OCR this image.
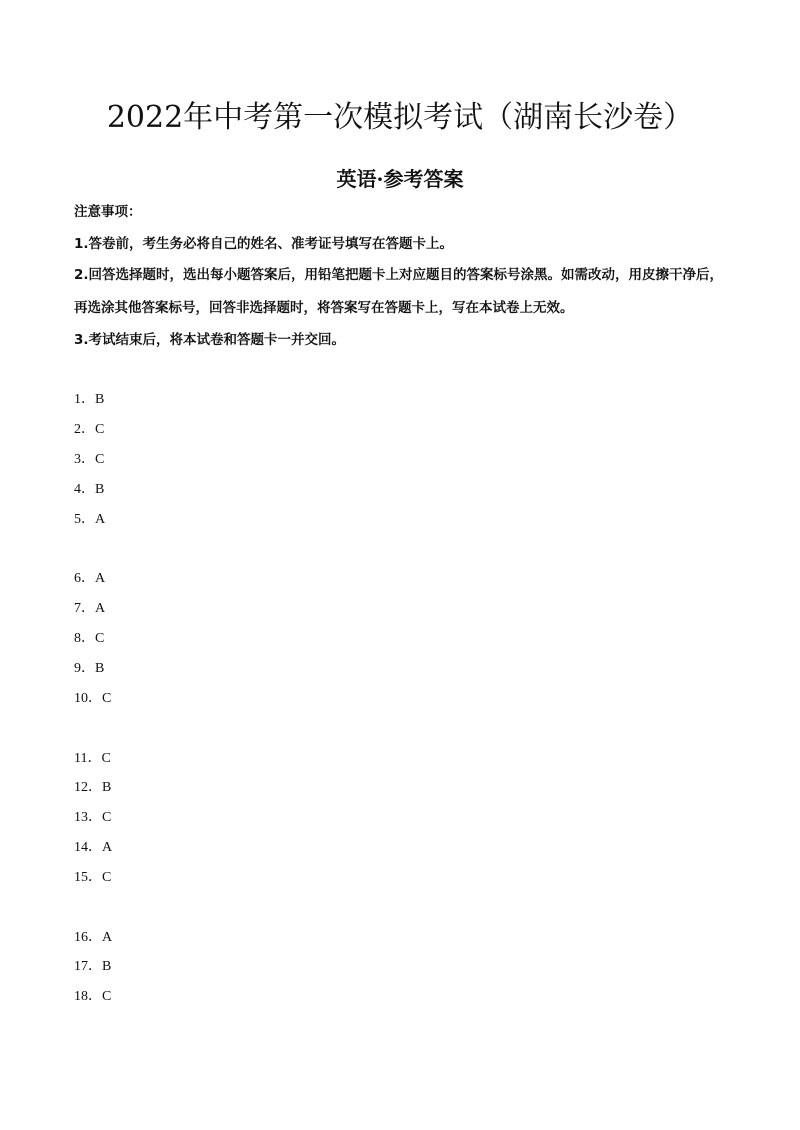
2022年中考第一次模拟考试（湖南长沙卷）
英语·参考答案
注意事项：
1.答卷前，考生务必将自己的姓名、准考证号填写在答题卡上。
2.回答选择题时，选出每小题答案后，用铅笔把题卡上对应题目的答案标号涂黑。如需改动，用皮擦干净后，再选涂其他答案标号，回答非选择题时，将答案写在答题卡上，写在本试卷上无效。
3.考试结束后，将本试卷和答题卡一并交回。
1．B
2．C
3．C
4．B
5．A
6．A
7．A
8．C
9．B
10．C
11．C
12．B
13．C
14．A
15．C
16．A
17．B
18．C
